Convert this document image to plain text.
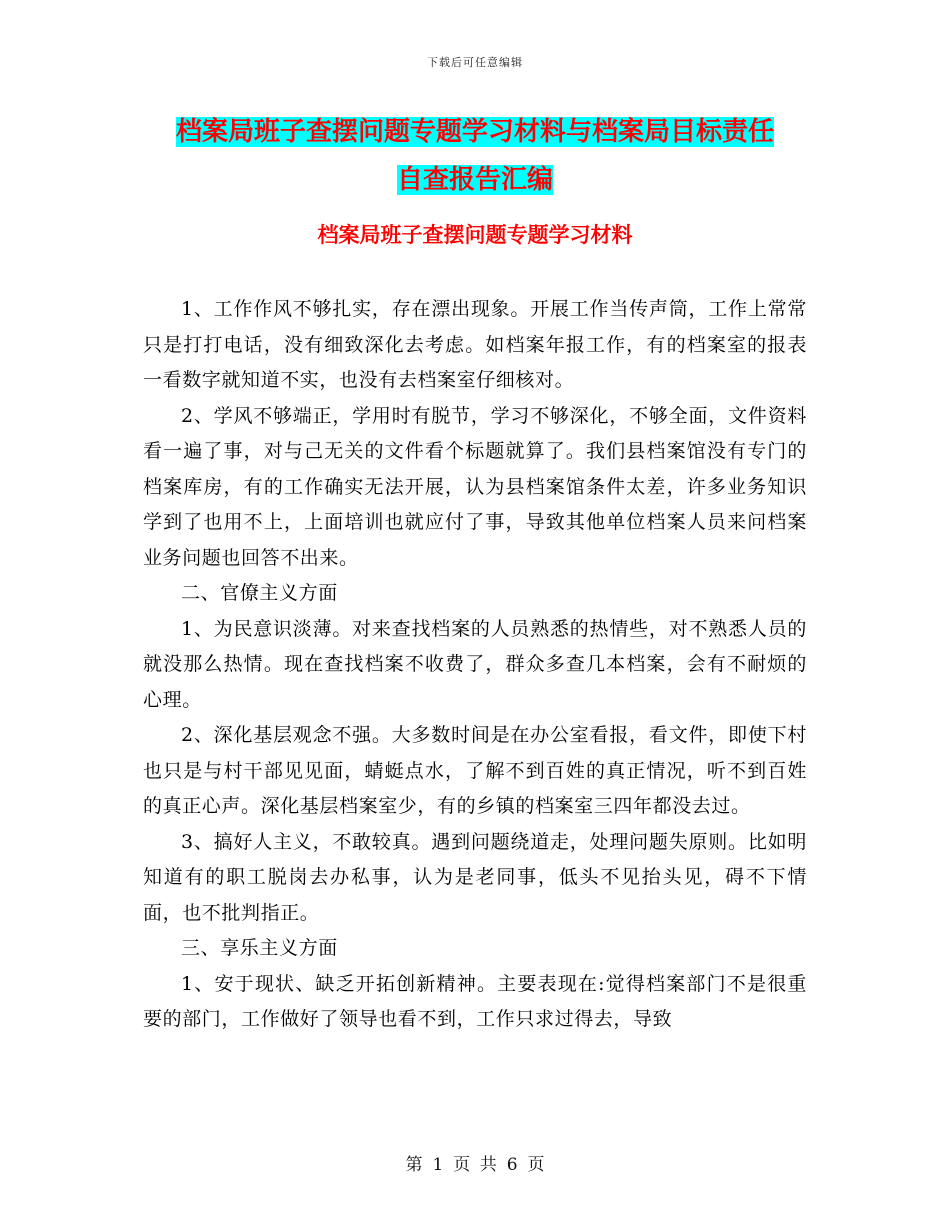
下载后可任意编辑
档案局班子查摆问题专题学习材料与档案局目标责任
自查报告汇编
档案局班子查摆问题专题学习材料

1、工作作风不够扎实，存在漂出现象。开展工作当传声筒，工作上常常只是打打电话，没有细致深化去考虑。如档案年报工作，有的档案室的报表一看数字就知道不实，也没有去档案室仔细核对。

2、学风不够端正，学用时有脱节，学习不够深化，不够全面，文件资料看一遍了事，对与己无关的文件看个标题就算了。我们县档案馆没有专门的档案库房，有的工作确实无法开展，认为县档案馆条件太差，许多业务知识学到了也用不上，上面培训也就应付了事，导致其他单位档案人员来问档案业务问题也回答不出来。

二、官僚主义方面

1、为民意识淡薄。对来查找档案的人员熟悉的热情些，对不熟悉人员的就没那么热情。现在查找档案不收费了，群众多查几本档案，会有不耐烦的心理。

2、深化基层观念不强。大多数时间是在办公室看报，看文件，即使下村也只是与村干部见见面，蜻蜓点水，了解不到百姓的真正情况，听不到百姓的真正心声。深化基层档案室少，有的乡镇的档案室三四年都没去过。

3、搞好人主义，不敢较真。遇到问题绕道走，处理问题失原则。比如明知道有的职工脱岗去办私事，认为是老同事，低头不见抬头见，碍不下情面，也不批判指正。

三、享乐主义方面

1、安于现状、缺乏开拓创新精神。主要表现在:觉得档案部门不是很重要的部门，工作做好了领导也看不到，工作只求过得去，导致

第 1 页 共 6 页
